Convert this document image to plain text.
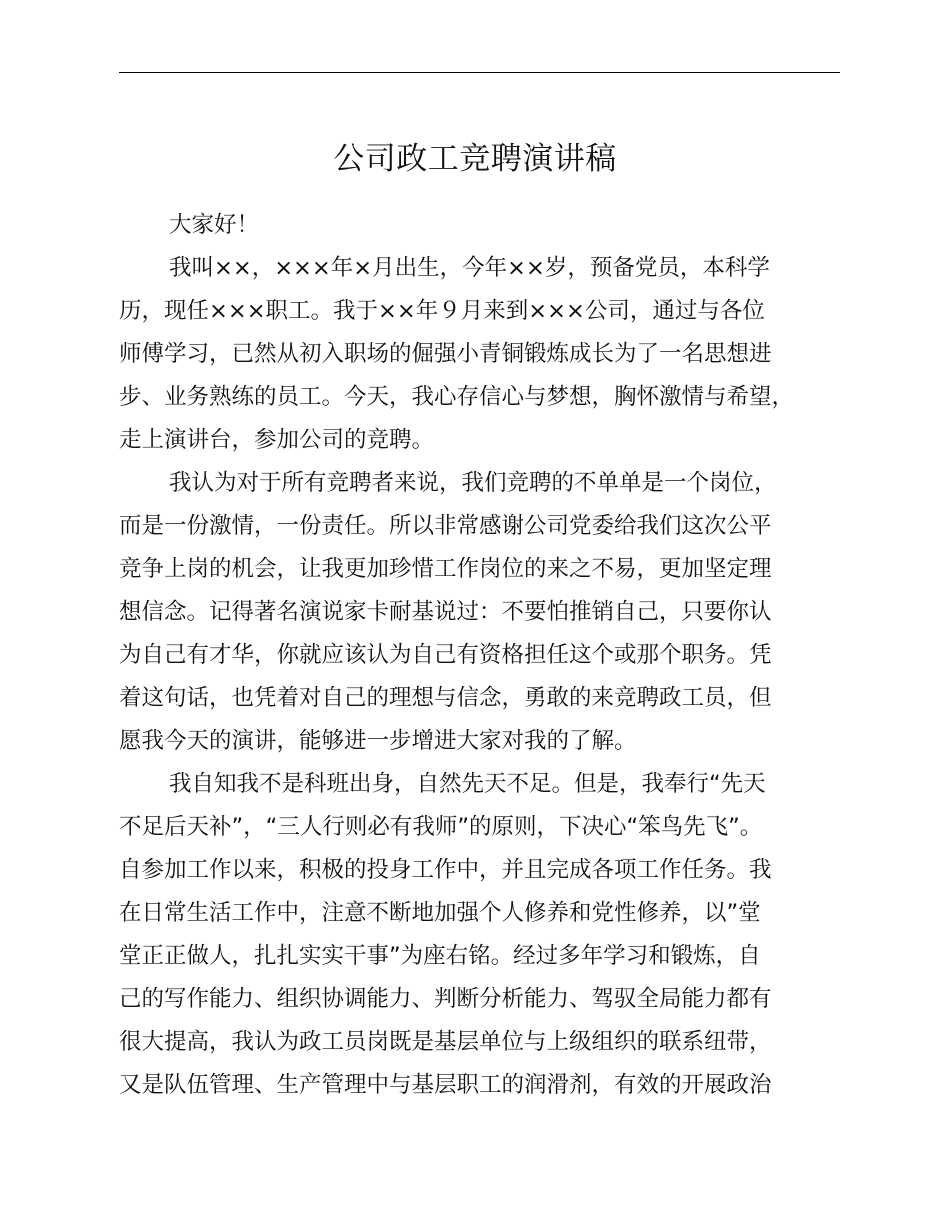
公司政工竞聘演讲稿
大家好！
我叫××，×××年×月出生，今年××岁，预备党员，本科学
历，现任×××职工。我于××年９月来到×××公司，通过与各位
师傅学习，已然从初入职场的倔强小青铜锻炼成长为了一名思想进
步、业务熟练的员工。今天，我心存信心与梦想，胸怀激情与希望，
走上演讲台，参加公司的竞聘。
我认为对于所有竞聘者来说，我们竞聘的不单单是一个岗位，
而是一份激情，一份责任。所以非常感谢公司党委给我们这次公平
竞争上岗的机会，让我更加珍惜工作岗位的来之不易，更加坚定理
想信念。记得著名演说家卡耐基说过：不要怕推销自己，只要你认
为自己有才华，你就应该认为自己有资格担任这个或那个职务。凭
着这句话，也凭着对自己的理想与信念，勇敢的来竞聘政工员，但
愿我今天的演讲，能够进一步增进大家对我的了解。
我自知我不是科班出身，自然先天不足。但是，我奉行“先天
不足后天补”，“三人行则必有我师”的原则，下决心“笨鸟先飞”。
自参加工作以来，积极的投身工作中，并且完成各项工作任务。我
在日常生活工作中，注意不断地加强个人修养和党性修养，以”堂
堂正正做人，扎扎实实干事”为座右铭。经过多年学习和锻炼，自
己的写作能力、组织协调能力、判断分析能力、驾驭全局能力都有
很大提高，我认为政工员岗既是基层单位与上级组织的联系纽带，
又是队伍管理、生产管理中与基层职工的润滑剂，有效的开展政治
